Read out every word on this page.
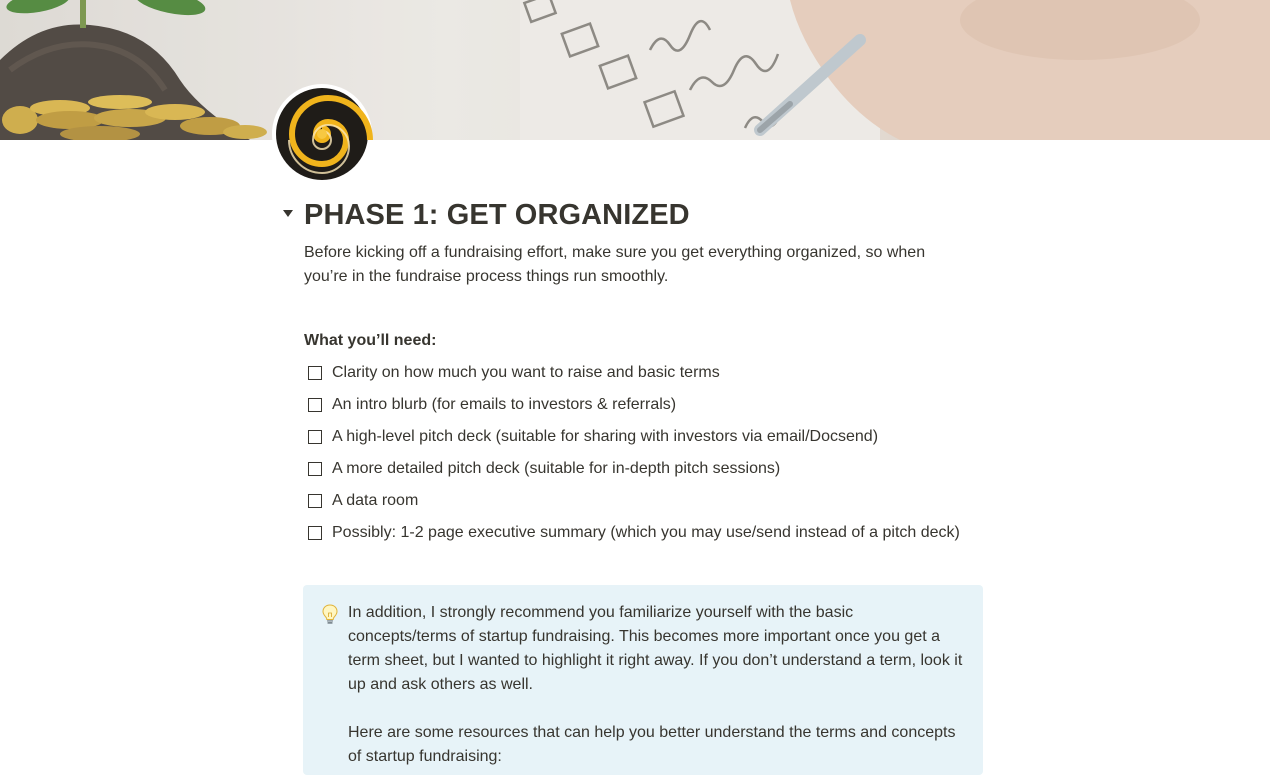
PHASE 1: GET ORGANIZED

Before kicking off a fundraising effort, make sure you get everything organized, so when you’re in the fundraise process things run smoothly.

What you’ll need:

Clarity on how much you want to raise and basic terms
An intro blurb (for emails to investors & referrals)
A high-level pitch deck (suitable for sharing with investors via email/Docsend)
A more detailed pitch deck (suitable for in-depth pitch sessions)
A data room
Possibly: 1-2 page executive summary (which you may use/send instead of a pitch deck)

In addition, I strongly recommend you familiarize yourself with the basic concepts/terms of startup fundraising. This becomes more important once you get a term sheet, but I wanted to highlight it right away. If you don’t understand a term, look it up and ask others as well.

Here are some resources that can help you better understand the terms and concepts of startup fundraising:
